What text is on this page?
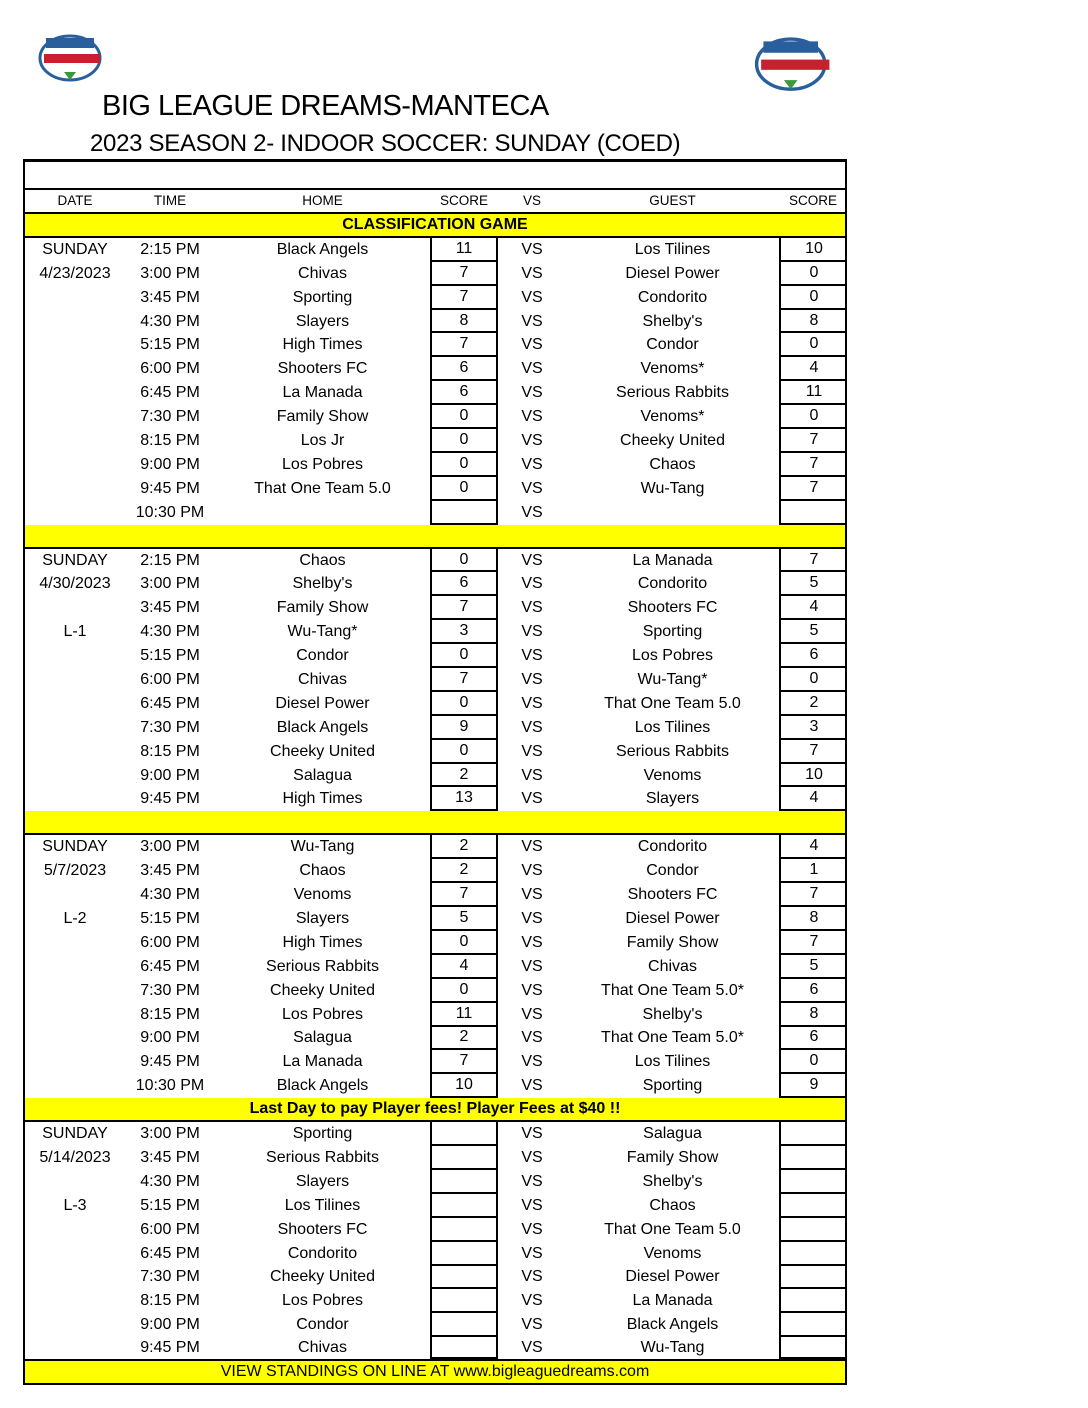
BIG LEAGUE DREAMS-MANTECA
2023 SEASON 2- INDOOR SOCCER: SUNDAY (COED)
DATE	TIME	HOME	SCORE	VS	GUEST	SCORE
CLASSIFICATION GAME
SUNDAY	2:15 PM	Black Angels	11	VS	Los Tilines	10
4/23/2023	3:00 PM	Chivas	7	VS	Diesel Power	0
3:45 PM	Sporting	7	VS	Condorito	0
4:30 PM	Slayers	8	VS	Shelby's	8
5:15 PM	High Times	7	VS	Condor	0
6:00 PM	Shooters FC	6	VS	Venoms*	4
6:45 PM	La Manada	6	VS	Serious Rabbits	11
7:30 PM	Family Show	0	VS	Venoms*	0
8:15 PM	Los Jr	0	VS	Cheeky United	7
9:00 PM	Los Pobres	0	VS	Chaos	7
9:45 PM	That One Team 5.0	0	VS	Wu-Tang	7
10:30 PM	VS
SUNDAY	2:15 PM	Chaos	0	VS	La Manada	7
4/30/2023	3:00 PM	Shelby's	6	VS	Condorito	5
3:45 PM	Family Show	7	VS	Shooters FC	4
L-1	4:30 PM	Wu-Tang*	3	VS	Sporting	5
5:15 PM	Condor	0	VS	Los Pobres	6
6:00 PM	Chivas	7	VS	Wu-Tang*	0
6:45 PM	Diesel Power	0	VS	That One Team 5.0	2
7:30 PM	Black Angels	9	VS	Los Tilines	3
8:15 PM	Cheeky United	0	VS	Serious Rabbits	7
9:00 PM	Salagua	2	VS	Venoms	10
9:45 PM	High Times	13	VS	Slayers	4
SUNDAY	3:00 PM	Wu-Tang	2	VS	Condorito	4
5/7/2023	3:45 PM	Chaos	2	VS	Condor	1
4:30 PM	Venoms	7	VS	Shooters FC	7
L-2	5:15 PM	Slayers	5	VS	Diesel Power	8
6:00 PM	High Times	0	VS	Family Show	7
6:45 PM	Serious Rabbits	4	VS	Chivas	5
7:30 PM	Cheeky United	0	VS	That One Team 5.0*	6
8:15 PM	Los Pobres	11	VS	Shelby's	8
9:00 PM	Salagua	2	VS	That One Team 5.0*	6
9:45 PM	La Manada	7	VS	Los Tilines	0
10:30 PM	Black Angels	10	VS	Sporting	9
Last Day to pay Player fees! Player Fees at $40 !!
SUNDAY	3:00 PM	Sporting	VS	Salagua
5/14/2023	3:45 PM	Serious Rabbits	VS	Family Show
4:30 PM	Slayers	VS	Shelby's
L-3	5:15 PM	Los Tilines	VS	Chaos
6:00 PM	Shooters FC	VS	That One Team 5.0
6:45 PM	Condorito	VS	Venoms
7:30 PM	Cheeky United	VS	Diesel Power
8:15 PM	Los Pobres	VS	La Manada
9:00 PM	Condor	VS	Black Angels
9:45 PM	Chivas	VS	Wu-Tang
VIEW STANDINGS ON LINE AT www.bigleaguedreams.com
